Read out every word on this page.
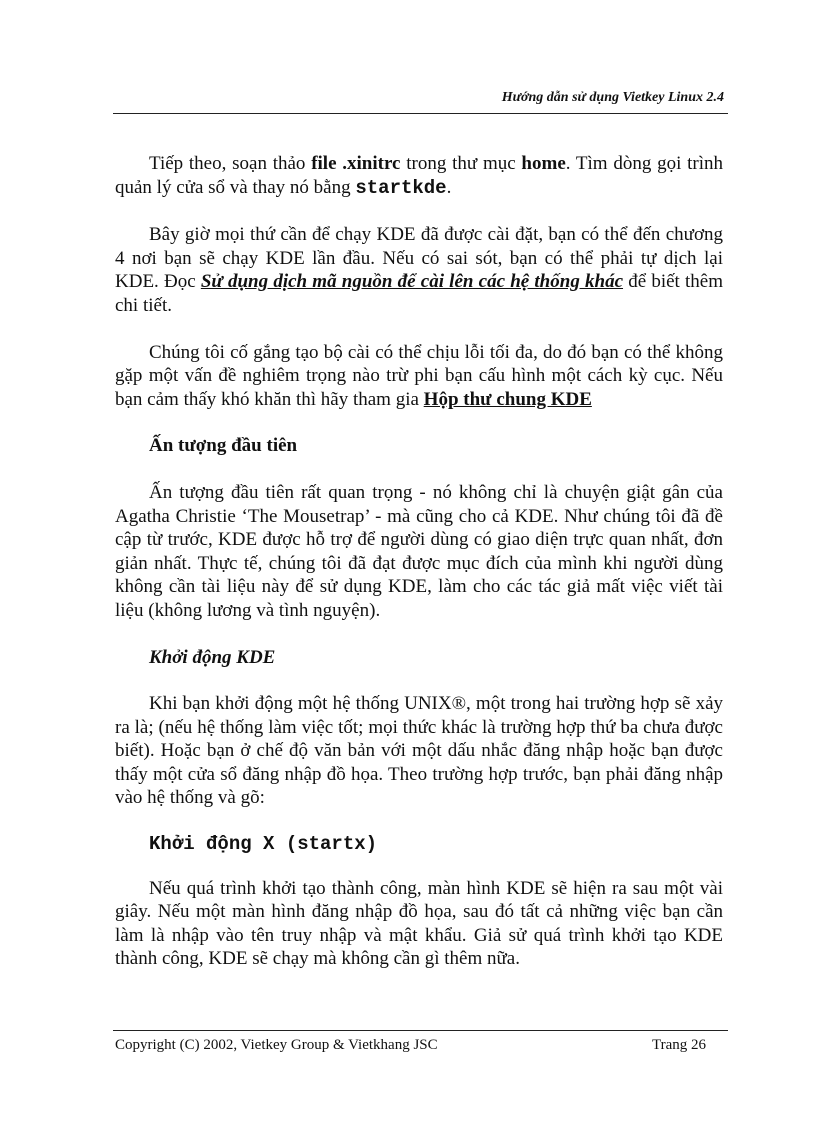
Hướng dẫn sử dụng Vietkey Linux 2.4

Tiếp theo, soạn thảo file .xinitrc trong thư mục home. Tìm dòng gọi trình quản lý cửa sổ và thay nó bằng startkde.

Bây giờ mọi thứ cần để chạy KDE đã được cài đặt, bạn có thể đến chương 4 nơi bạn sẽ chạy KDE lần đầu. Nếu có sai sót, bạn có thể phải tự dịch lại KDE. Đọc Sử dụng dịch mã nguồn để cài lên các hệ thống khác để biết thêm chi tiết.

Chúng tôi cố gắng tạo bộ cài có thể chịu lỗi tối đa, do đó bạn có thể không gặp một vấn đề nghiêm trọng nào trừ phi bạn cấu hình một cách kỳ cục. Nếu bạn cảm thấy khó khăn thì hãy tham gia Hộp thư chung KDE

Ấn tượng đầu tiên

Ấn tượng đầu tiên rất quan trọng - nó không chỉ là chuyện giật gân của Agatha Christie ‘The Mousetrap’ - mà cũng cho cả KDE. Như chúng tôi đã đề cập từ trước, KDE được hỗ trợ để người dùng có giao diện trực quan nhất, đơn giản nhất. Thực tế, chúng tôi đã đạt được mục đích của mình khi người dùng không cần tài liệu này để sử dụng KDE, làm cho các tác giả mất việc viết tài liệu (không lương và tình nguyện).

Khởi động KDE

Khi bạn khởi động một hệ thống UNIX®, một trong hai trường hợp sẽ xảy ra là; (nếu hệ thống làm việc tốt; mọi thức khác là trường hợp thứ ba chưa được biết). Hoặc bạn ở chế độ văn bản với một dấu nhắc đăng nhập hoặc bạn được thấy một cửa sổ đăng nhập đồ họa. Theo trường hợp trước, bạn phải đăng nhập vào hệ thống và gõ:

Khởi động X (startx)

Nếu quá trình khởi tạo thành công, màn hình KDE sẽ hiện ra sau một vài giây. Nếu một màn hình đăng nhập đồ họa, sau đó tất cả những việc bạn cần làm là nhập vào tên truy nhập và mật khẩu. Giả sử quá trình khởi tạo KDE thành công, KDE sẽ chạy mà không cần gì thêm nữa.

Copyright (C) 2002, Vietkey Group & Vietkhang JSC	Trang 26
